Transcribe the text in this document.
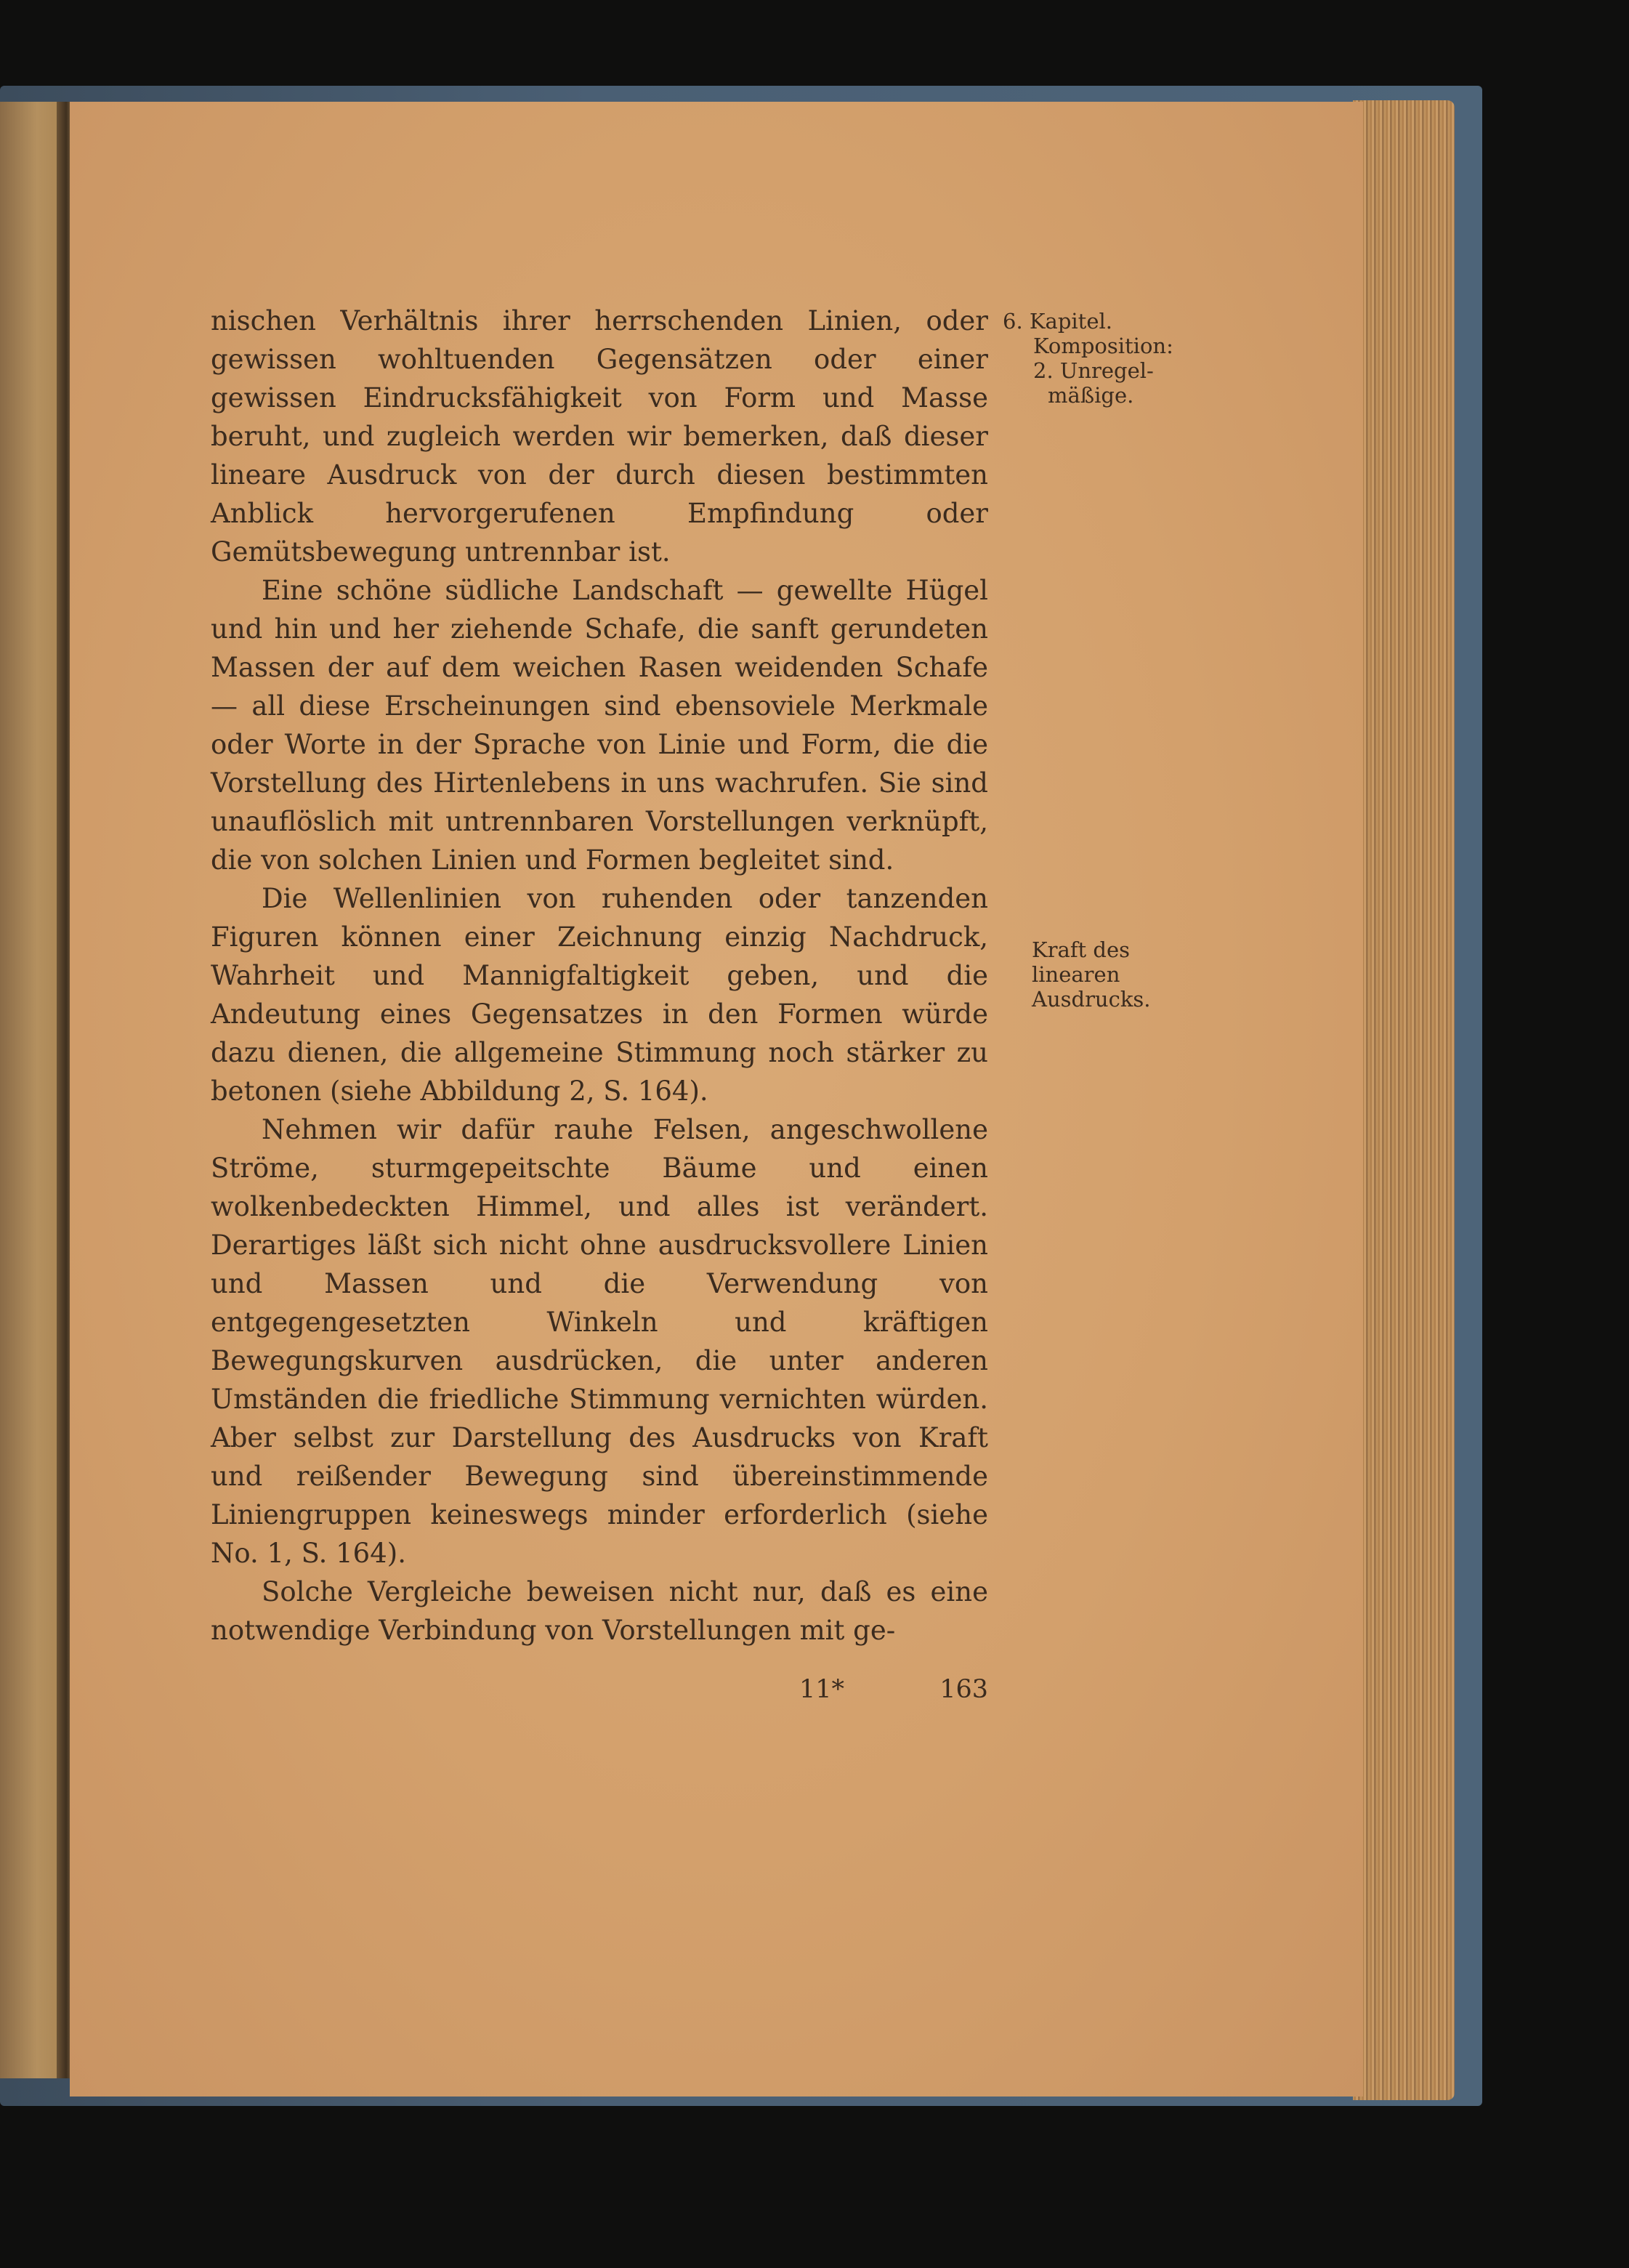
nischen Verhältnis ihrer herrschenden Linien, oder gewissen wohltuenden Gegensätzen oder einer gewissen Eindrucksfähigkeit von Form und Masse beruht, und zugleich werden wir bemerken, daß dieser lineare Ausdruck von der durch diesen bestimmten Anblick hervorgerufenen Empfindung oder Gemütsbewegung untrennbar ist.

Eine schöne südliche Landschaft — gewellte Hügel und hin und her ziehende Schafe, die sanft gerundeten Massen der auf dem weichen Rasen weidenden Schafe — all diese Erscheinungen sind ebensoviele Merkmale oder Worte in der Sprache von Linie und Form, die die Vorstellung des Hirtenlebens in uns wachrufen. Sie sind unauflöslich mit untrennbaren Vorstellungen verknüpft, die von solchen Linien und Formen begleitet sind.

Die Wellenlinien von ruhenden oder tanzenden Figuren können einer Zeichnung einzig Nachdruck, Wahrheit und Mannigfaltigkeit geben, und die Andeutung eines Gegensatzes in den Formen würde dazu dienen, die allgemeine Stimmung noch stärker zu betonen (siehe Abbildung 2, S. 164).

Nehmen wir dafür rauhe Felsen, angeschwollene Ströme, sturmgepeitschte Bäume und einen wolkenbedeckten Himmel, und alles ist verändert. Derartiges läßt sich nicht ohne ausdrucksvollere Linien und Massen und die Verwendung von entgegengesetzten Winkeln und kräftigen Bewegungskurven ausdrücken, die unter anderen Umständen die friedliche Stimmung vernichten würden. Aber selbst zur Darstellung des Ausdrucks von Kraft und reißender Bewegung sind übereinstimmende Liniengruppen keineswegs minder erforderlich (siehe No. 1, S. 164).

Solche Vergleiche beweisen nicht nur, daß es eine notwendige Verbindung von Vorstellungen mit ge-

6. Kapitel.
Komposition:
2. Unregel-
mäßige.
Kraft des
linearen
Ausdrucks.
11*	163
